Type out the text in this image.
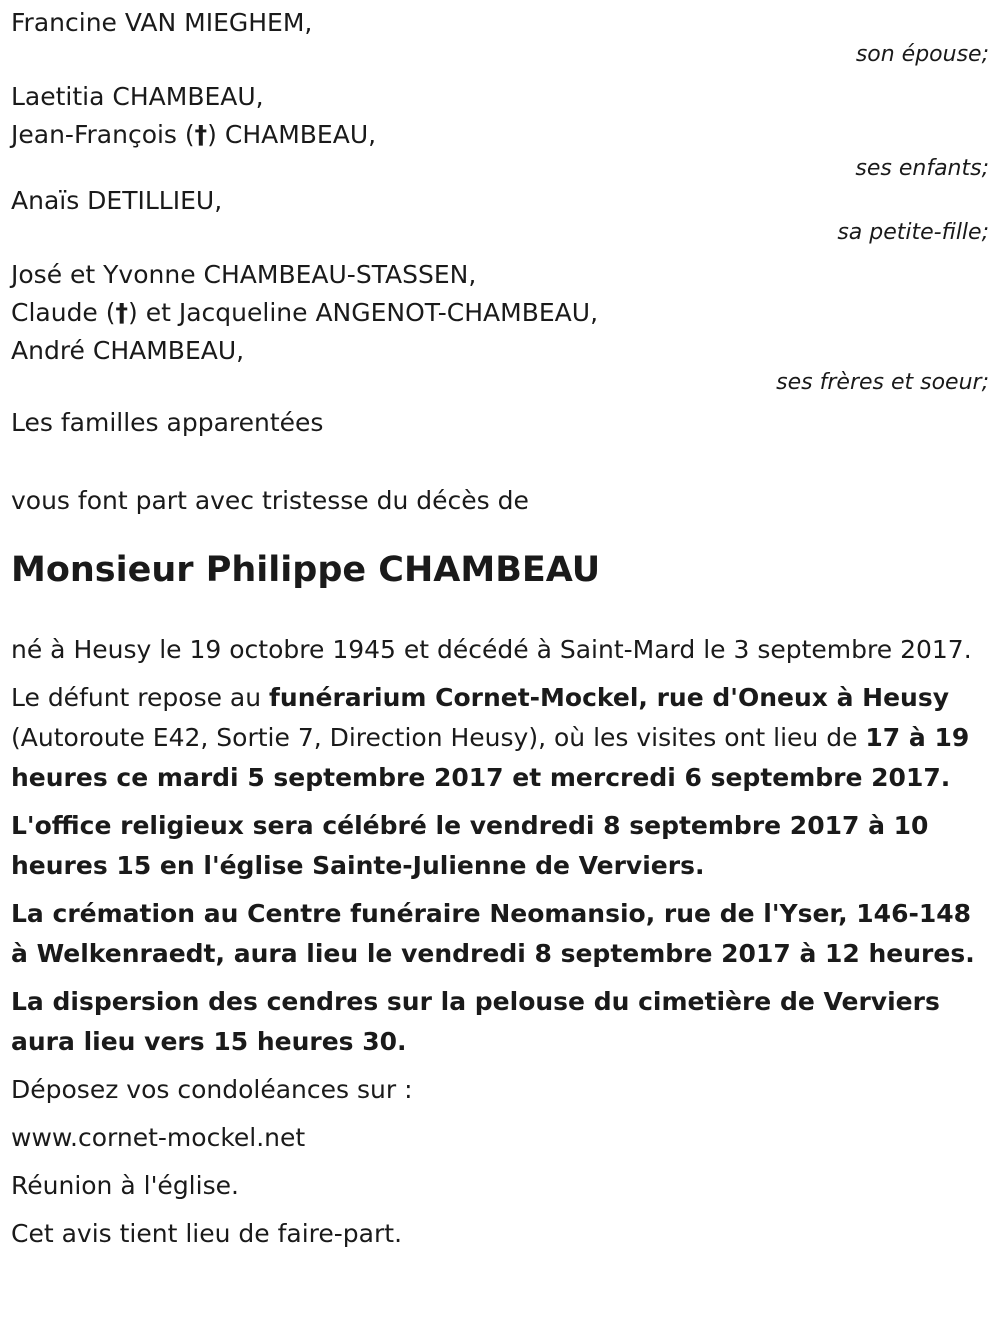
Francine VAN MIEGHEM,
son épouse;
Laetitia CHAMBEAU,
Jean-François (†) CHAMBEAU,
ses enfants;
Anaïs DETILLIEU,
sa petite-fille;
José et Yvonne CHAMBEAU-STASSEN,
Claude (†) et Jacqueline ANGENOT-CHAMBEAU,
André CHAMBEAU,
ses frères et soeur;
Les familles apparentées
vous font part avec tristesse du décès de
Monsieur Philippe CHAMBEAU
né à Heusy le 19 octobre 1945 et décédé à Saint-Mard le 3 septembre 2017.
Le défunt repose au funérarium Cornet-Mockel, rue d'Oneux à Heusy (Autoroute E42, Sortie 7, Direction Heusy), où les visites ont lieu de 17 à 19 heures ce mardi 5 septembre 2017 et mercredi 6 septembre 2017.
L'office religieux sera célébré le vendredi 8 septembre 2017 à 10 heures 15 en l'église Sainte-Julienne de Verviers.
La crémation au Centre funéraire Neomansio, rue de l'Yser, 146-148 à Welkenraedt, aura lieu le vendredi 8 septembre 2017 à 12 heures.
La dispersion des cendres sur la pelouse du cimetière de Verviers aura lieu vers 15 heures 30.
Déposez vos condoléances sur :
www.cornet-mockel.net
Réunion à l'église.
Cet avis tient lieu de faire-part.
